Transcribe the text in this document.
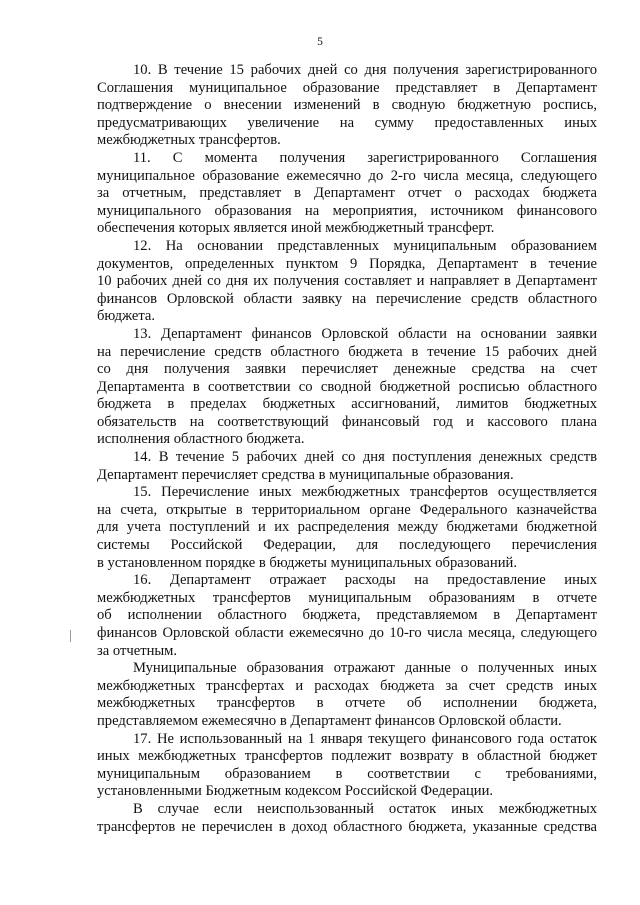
5
10. В течение 15 рабочих дней со дня получения зарегистрированного
Соглашения муниципальное образование представляет в Департамент
подтверждение о внесении изменений в сводную бюджетную роспись,
предусматривающих увеличение на сумму предоставленных иных
межбюджетных трансфертов.
11. С момента получения зарегистрированного Соглашения
муниципальное образование ежемесячно до 2-го числа месяца, следующего
за отчетным, представляет в Департамент отчет о расходах бюджета
муниципального образования на мероприятия, источником финансового
обеспечения которых является иной межбюджетный трансферт.
12. На основании представленных муниципальным образованием
документов, определенных пунктом 9 Порядка, Департамент в течение
10 рабочих дней со дня их получения составляет и направляет в Департамент
финансов Орловской области заявку на перечисление средств областного
бюджета.
13. Департамент финансов Орловской области на основании заявки
на перечисление средств областного бюджета в течение 15 рабочих дней
со дня получения заявки перечисляет денежные средства на счет
Департамента в соответствии со сводной бюджетной росписью областного
бюджета в пределах бюджетных ассигнований, лимитов бюджетных
обязательств на соответствующий финансовый год и кассового плана
исполнения областного бюджета.
14. В течение 5 рабочих дней со дня поступления денежных средств
Департамент перечисляет средства в муниципальные образования.
15. Перечисление иных межбюджетных трансфертов осуществляется
на счета, открытые в территориальном органе Федерального казначейства
для учета поступлений и их распределения между бюджетами бюджетной
системы Российской Федерации, для последующего перечисления
в установленном порядке в бюджеты муниципальных образований.
16. Департамент отражает расходы на предоставление иных
межбюджетных трансфертов муниципальным образованиям в отчете
об исполнении областного бюджета, представляемом в Департамент
финансов Орловской области ежемесячно до 10-го числа месяца, следующего
за отчетным.
Муниципальные образования отражают данные о полученных иных
межбюджетных трансфертах и расходах бюджета за счет средств иных
межбюджетных трансфертов в отчете об исполнении бюджета,
представляемом ежемесячно в Департамент финансов Орловской области.
17. Не использованный на 1 января текущего финансового года остаток
иных межбюджетных трансфертов подлежит возврату в областной бюджет
муниципальным образованием в соответствии с требованиями,
установленными Бюджетным кодексом Российской Федерации.
В случае если неиспользованный остаток иных межбюджетных
трансфертов не перечислен в доход областного бюджета, указанные средства
